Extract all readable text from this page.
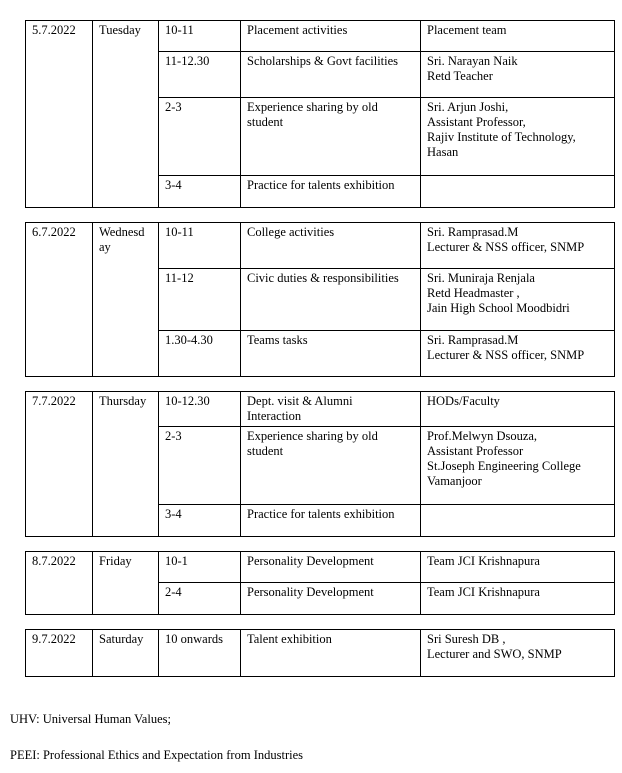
5.7.2022	Tuesday	10-11	Placement activities	Placement team

		11-12.30	Scholarships & Govt facilities	Sri. Narayan Naik
Retd Teacher

		2-3	Experience sharing by old
student	Sri. Arjun Joshi,
Assistant Professor,
Rajiv Institute of Technology,
Hasan

		3-4	Practice for talents exhibition	

6.7.2022	Wednesd
ay	10-11	College activities	Sri. Ramprasad.M
Lecturer & NSS officer, SNMP

		11-12	Civic duties & responsibilities	Sri. Muniraja Renjala
Retd Headmaster ,
Jain High School Moodbidri

		1.30-4.30	Teams tasks	Sri. Ramprasad.M
Lecturer & NSS officer, SNMP
7.7.2022	Thursday	10-12.30	Dept. visit & Alumni
Interaction	HODs/Faculty

		2-3	Experience sharing by old
student	Prof.Melwyn Dsouza,
Assistant Professor
St.Joseph Engineering College
Vamanjoor

		3-4	Practice for talents exhibition	

8.7.2022	Friday	10-1	Personality Development	Team JCI Krishnapura

		2-4	Personality Development	Team JCI Krishnapura
9.7.2022	Saturday	10 onwards	Talent exhibition	Sri Suresh DB ,
Lecturer and SWO, SNMP

UHV: Universal Human Values;

PEEI: Professional Ethics and Expectation from Industries
